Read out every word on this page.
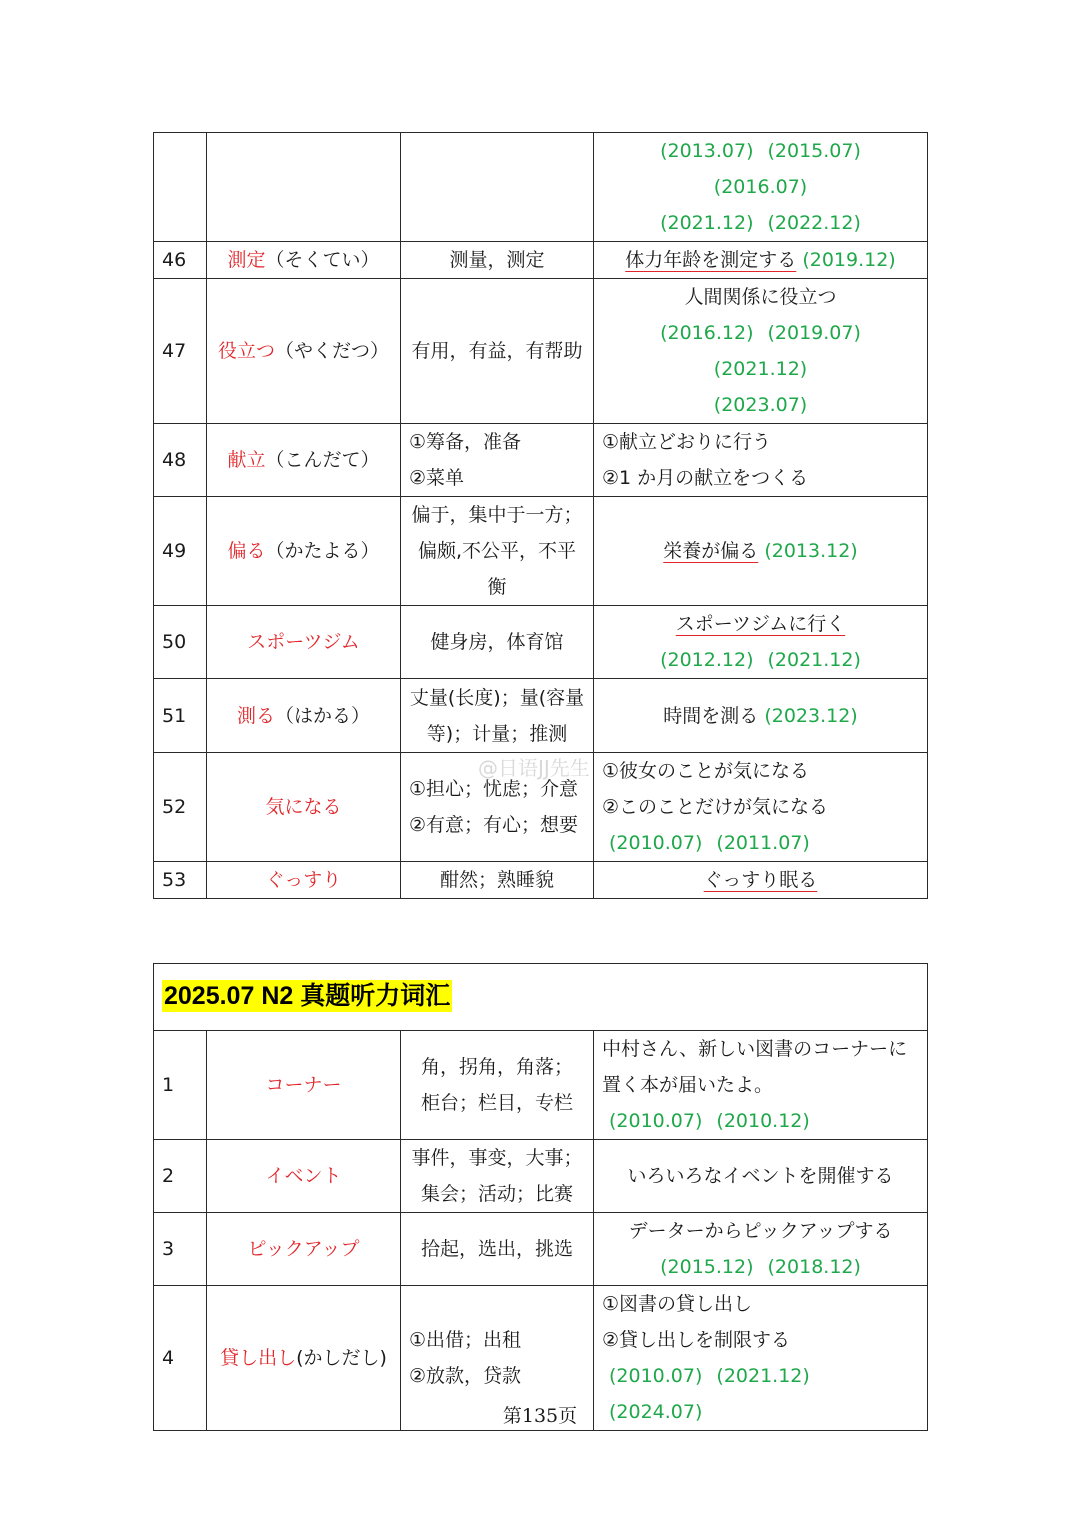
			(2013.07) (2015.07)(2016.07)
(2021.12) (2022.12)

46	測定（そくてい）	测量，测定	体力年龄を測定する (2019.12)
47	役立つ（やくだつ）	有用，有益，有帮助	人間関係に役立つ
(2016.12) (2019.07)(2021.12)
(2023.07)

48	献立（こんだて）	①筹备，准备
②菜单	①献立どおりに行う
②1 か月の献立をつくる

49	偏る（かたよる）	偏于，集中于一方；
偏颇,不公平，不平衡	栄養が偏る (2013.12)
50	スポーツジム	健身房，体育馆	スポーツジムに行く
(2012.12) (2021.12)

51	測る（はかる）	丈量(长度)；量(容量
等)；计量；推测	時間を測る (2023.12)
52	気になる	①担心；忧虑；介意
②有意；有心；想要	①彼女のことが気になる
②このことだけが気になる
(2010.07) (2011.07)

53	ぐっすり	酣然；熟睡貌	ぐっすり眠る
@日语JJ先生
2025.07 N2 真题听力词汇			
1	コーナー	角，拐角，角落；
柜台；栏目，专栏	中村さん、新しい図書のコーナーに
置く本が届いたよ。
(2010.07) (2010.12)

2	イベント	事件，事变，大事；
集会；活动；比赛	いろいろなイベントを開催する
3	ピックアップ	拾起，选出，挑选	データーからピックアップする
(2015.12) (2018.12)

4	貸し出し(かしだし)	①出借；出租
②放款，贷款	①図書の貸し出し
②貸し出しを制限する
(2010.07) (2021.12)(2024.07)
第135页
